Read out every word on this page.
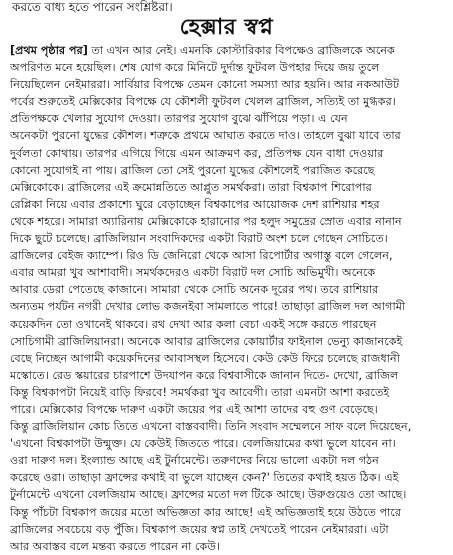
করতে বাধ্য হতে পারেন সংশ্লিষ্টরা।
হেক্সার স্বপ্ন
[প্রথম পৃষ্ঠার পর] তা এখন আর নেই। এমনকি কোস্টারিকার বিপক্ষেও ব্রাজিলকে অনেক
অপরিণত মনে হয়েছিল। শেষ যোগ করে মিনিটে দুর্দান্ত ফুটবল উপহার দিয়ে জয় তুলে
নিয়েছিলেন নেইমাররা। সার্বিয়ার বিপক্ষে তেমন কোনো সমস্যা আর হয়নি। আর নকআউট
পর্বের শুরুতেই মেক্সিকোর বিপক্ষে যে কৌশলী ফুটবল খেলল ব্রাজিল, সত্যিই তা মুগ্ধকর।
প্রতিপক্ষকে খেলার সুযোগ দেওয়া। তারপর সুযোগ বুঝে ঝাঁপিয়ে পড়া। এ যেন
অনেকটা পুরনো যুদ্ধের কৌশল। শত্রুকে প্রথমে আঘাত করতে দাও। তাহলে বুঝা যাবে তার
দুর্বলতা কোথায়। তারপর এগিয়ে গিয়ে এমন আক্রমণ কর, প্রতিপক্ষ যেন বাধা দেওয়ার
কোনো সুযোগই না পায়। ব্রাজিল তো সেই পুরনো যুদ্ধের কৌশলেই পরাজিত করেছে
মেক্সিকোকে। ব্রাজিলের এই ক্রমোন্নতিতে আপ্লুত সমর্থকরা। তারা বিশ্বকাপ শিরোপার
রেপ্লিকা নিয়ে এবার প্রকাশ্যে ঘুরে বেড়াচ্ছেন বিশ্বকাপের আয়োজক দেশ রাশিয়ার শহর
থেকে শহরে। সামারা অ্যারিনায় মেক্সিকোকে হারানোর পর হলুদ সমুদ্রের স্রোত এবার নানান
দিকে ছুটে চলেছে। ব্রাজিলিয়ান সংবাদিকদের একটা বিরাট অংশ চলে গেছেন সোচিতে।
ব্রাজিলের বেইজ ক্যাম্পে। রিও ডি জেনিরো থেকে আসা রিপোর্টার অগাস্তু বলে গেলেন,
এবার আমরা খুব আশাবাদী। সমর্থকদেরও একটা বিরাট দল সোচি অভিমুখী। অনেকে
আবার ডেরা পেতেছে কাজানে। সামারা থেকে সোচি অনেক দূরের পথ। তবে রাশিয়ার
অন্যতম পর্যটন নগরী দেখার লোভ কজনইবা সামলাতে পারে! তাছাড়া ব্রাজিল দল আগামী
কয়েকদিন তো ওখানেই থাকবে। রথ দেখা আর কলা বেচা একই সঙ্গে করতে পারছেন
সোচিগামী ব্রাজিলিয়ানরা। অনেকে আবার ব্রাজিলের কোয়ার্টার ফাইনাল ভেন্যু কাজানকেই
বেছে নিচ্ছেন আগামী কয়েকদিনের আবাসস্থল হিসেবে। কেউ কেউ ফিরে চলেছে রাজধানী
মস্কোতে। রেড স্কয়ারের চারপাশে উদযাপন করে বিশ্ববাসীকে জানান দিতে- দেখো, ব্রাজিল
কিন্তু বিশ্বকাপটা নিয়েই বাড়ি ফিরবে! সমর্থকরা খুব আবেগী। তারা এমনটা আশা করতেই
পারে। মেক্সিকোর বিপক্ষে দারুণ একটা জয়ের পর এই আশা তাদের বহু গুণ বেড়েছে।
কিন্তু ব্রাজিলিয়ান কোচ তিতে এখনো বাস্তববাদী। তিনি সংবাদ সম্মেলনে সাফ বলে দিয়েছেন,
'এখনো বিশ্বকাপটা উন্মুক্ত। যে কেউই জিততে পারে। বেলজিয়ামের কথা ভুলে যাবেন না।
ওরা দারুণ দল। ইংল্যান্ড আছে এই টুর্নামেন্টে। তরুণদের নিয়ে ভালো একটা দল গঠন
করেছে ওরা। তাছাড়া ফ্রান্সের কথাই বা ভুলে যাচ্ছেন কেন?' তিতের কথাই হয়ত ঠিক। এই
টুর্নামেন্টে এখনো বেলজিয়াম আছে। ফ্রান্সের মতো দল টিকে আছে। উরুগুয়েও তো আছে।
কিন্তু পাঁচটা বিশ্বকাপ জয়ের মতো অভিজ্ঞতা কার আছে! এই অভিজ্ঞতাই হয়ে উঠতে পারে
ব্রাজিলের সবচেয়ে বড় পুঁজি। বিশ্বকাপ জয়ের স্বপ্ন তাই দেখতেই পারেন নেইমাররা। এটা
আর অবাস্তব বলে মন্তব্য করতে পারেন না কেউ।
